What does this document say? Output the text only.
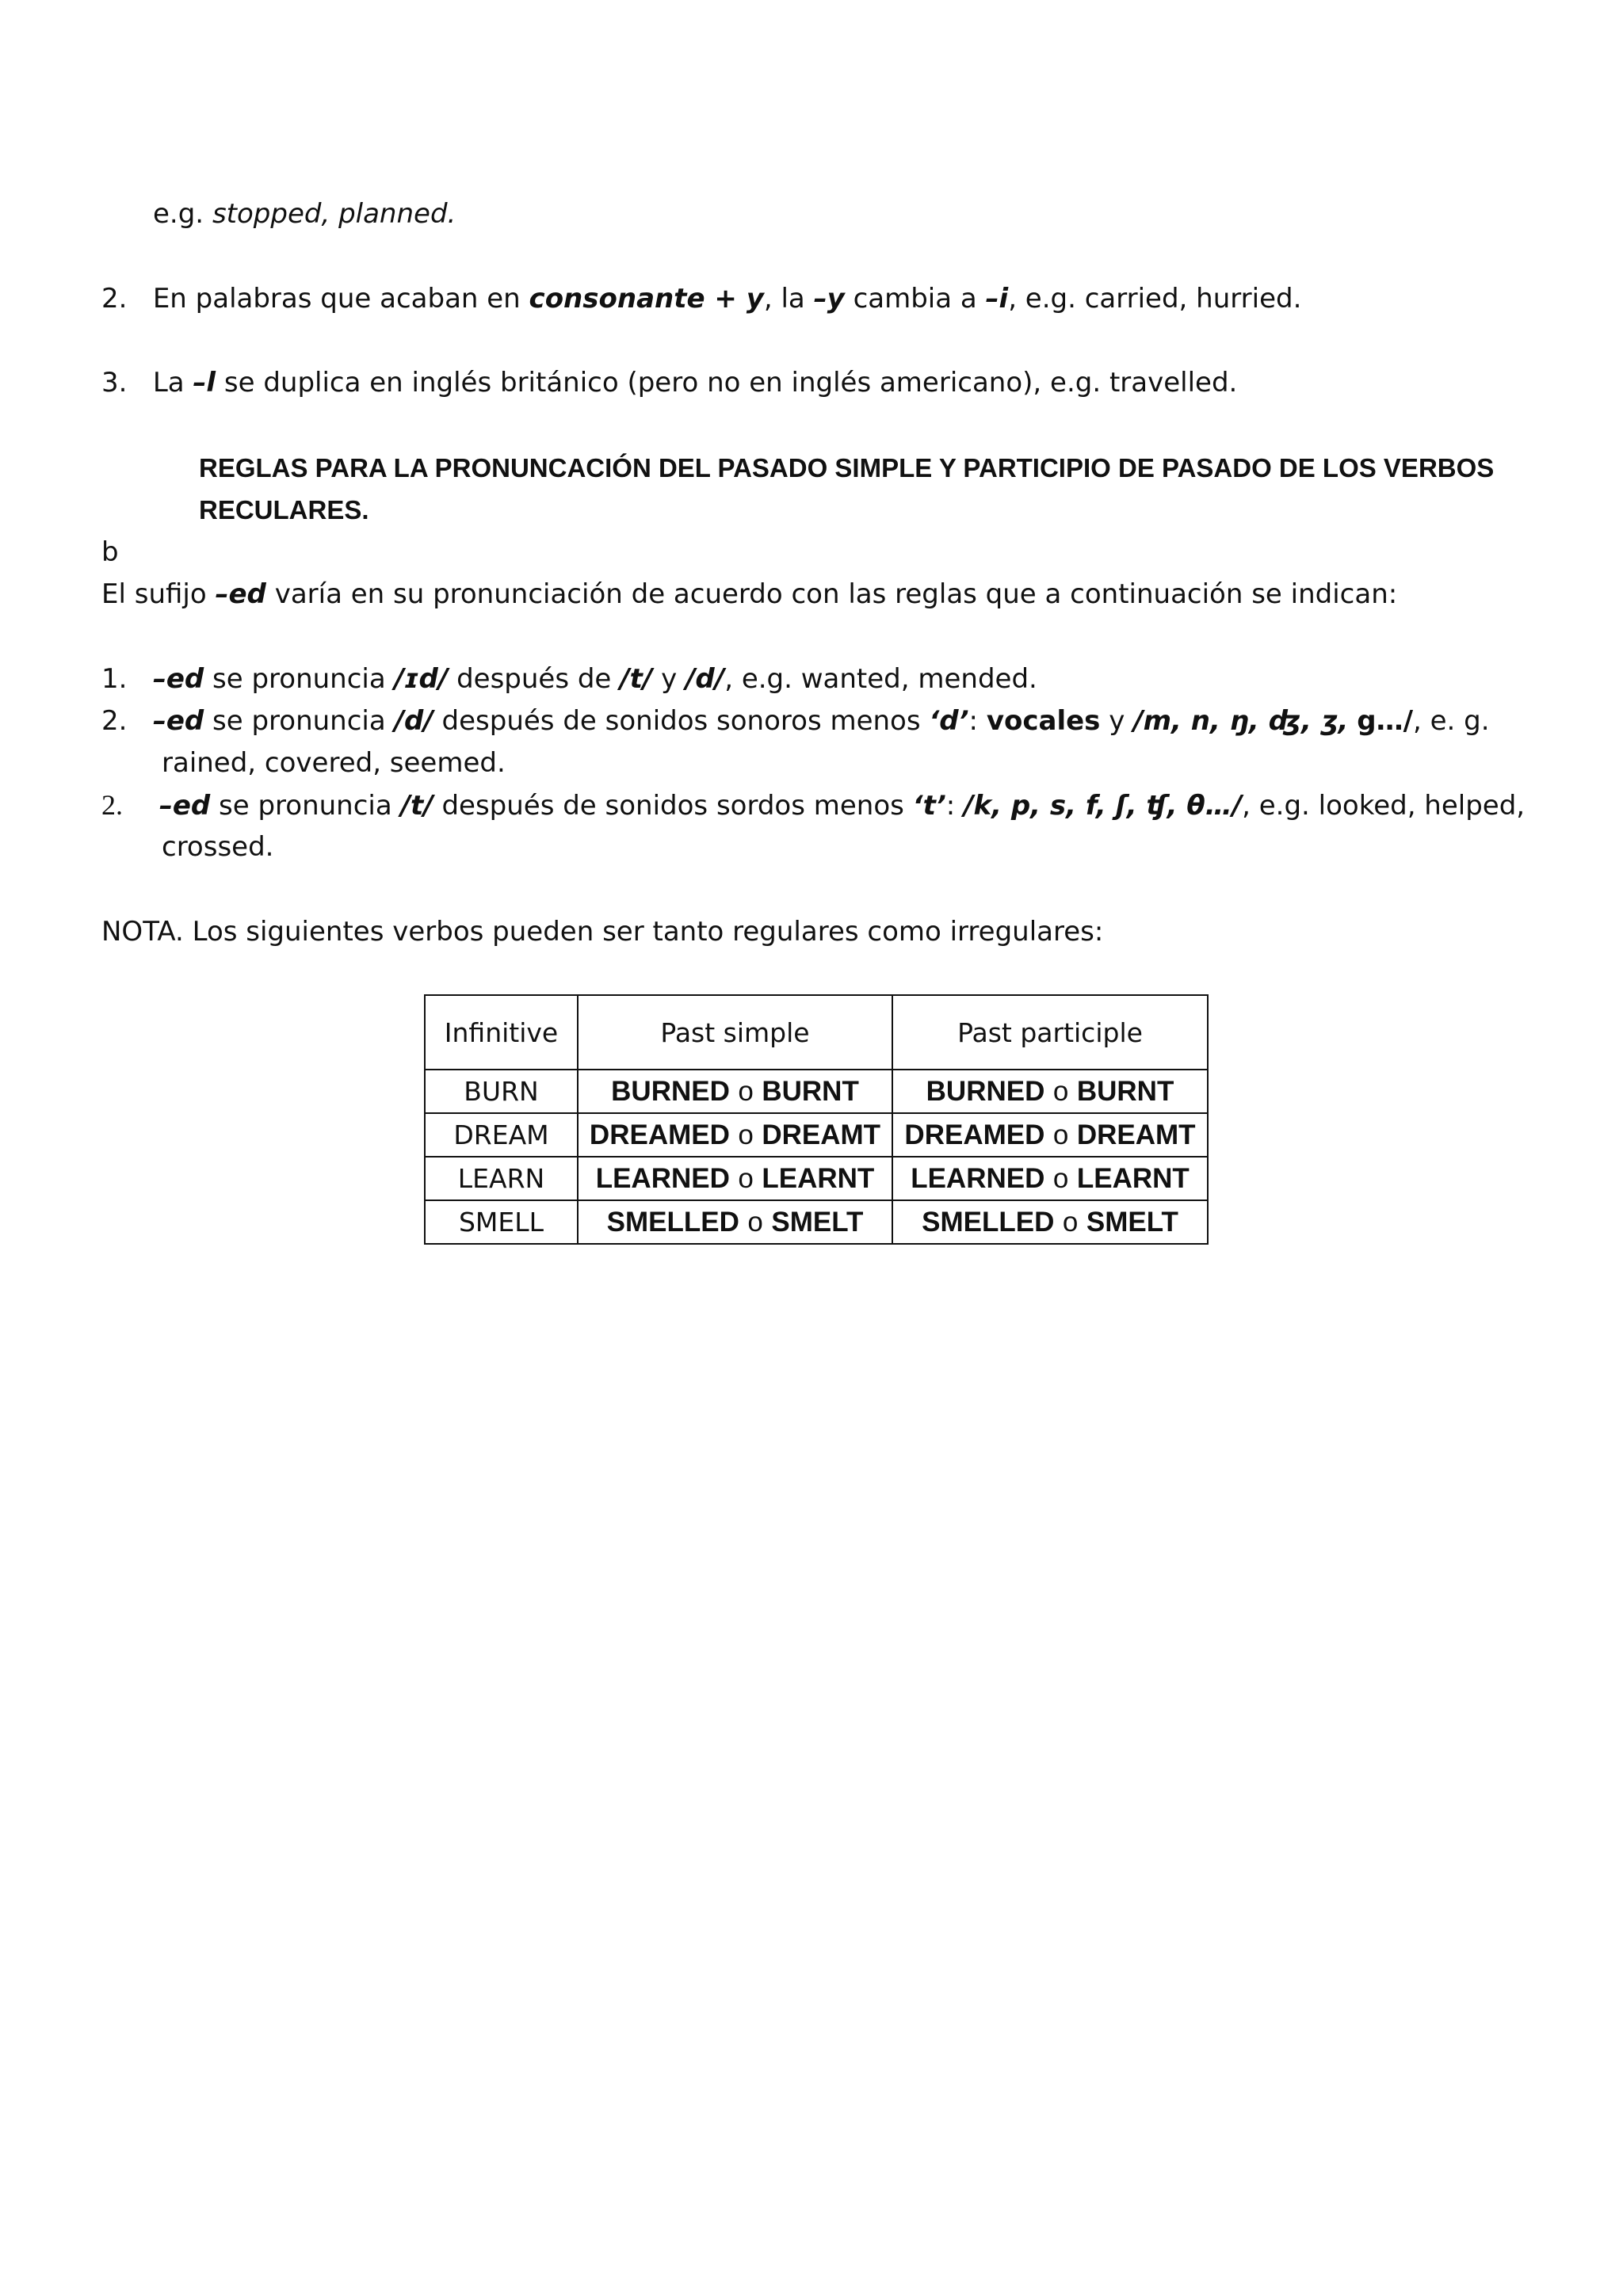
e.g. stopped, planned.
2. En palabras que acaban en consonante + y, la –y cambia a –i, e.g. carried, hurried.
3. La –l se duplica en inglés británico (pero no en inglés americano), e.g. travelled.
REGLAS PARA LA PRONUNCACIÓN DEL PASADO SIMPLE Y PARTICIPIO DE PASADO DE LOS VERBOS
RECULARES.
b
El sufijo –ed varía en su pronunciación de acuerdo con las reglas que a continuación se indican:
1. –ed se pronuncia /ɪd/ después de /t/ y /d/, e.g. wanted, mended.
2. –ed se pronuncia /d/ después de sonidos sonoros menos ‘d’: vocales y /m, n, ŋ, ʤ, ʒ, g…/, e. g.
rained, covered, seemed.
2. –ed se pronuncia /t/ después de sonidos sordos menos ‘t’: /k, p, s, f, ʃ, ʧ, θ…/, e.g. looked, helped,
crossed.
NOTA. Los siguientes verbos pueden ser tanto regulares como irregulares:
Infinitive	Past simple	Past participle
BURN	BURNED o BURNT	BURNED o BURNT
DREAM	DREAMED o DREAMT	DREAMED o DREAMT
LEARN	LEARNED o LEARNT	LEARNED o LEARNT
SMELL	SMELLED o SMELT	SMELLED o SMELT
